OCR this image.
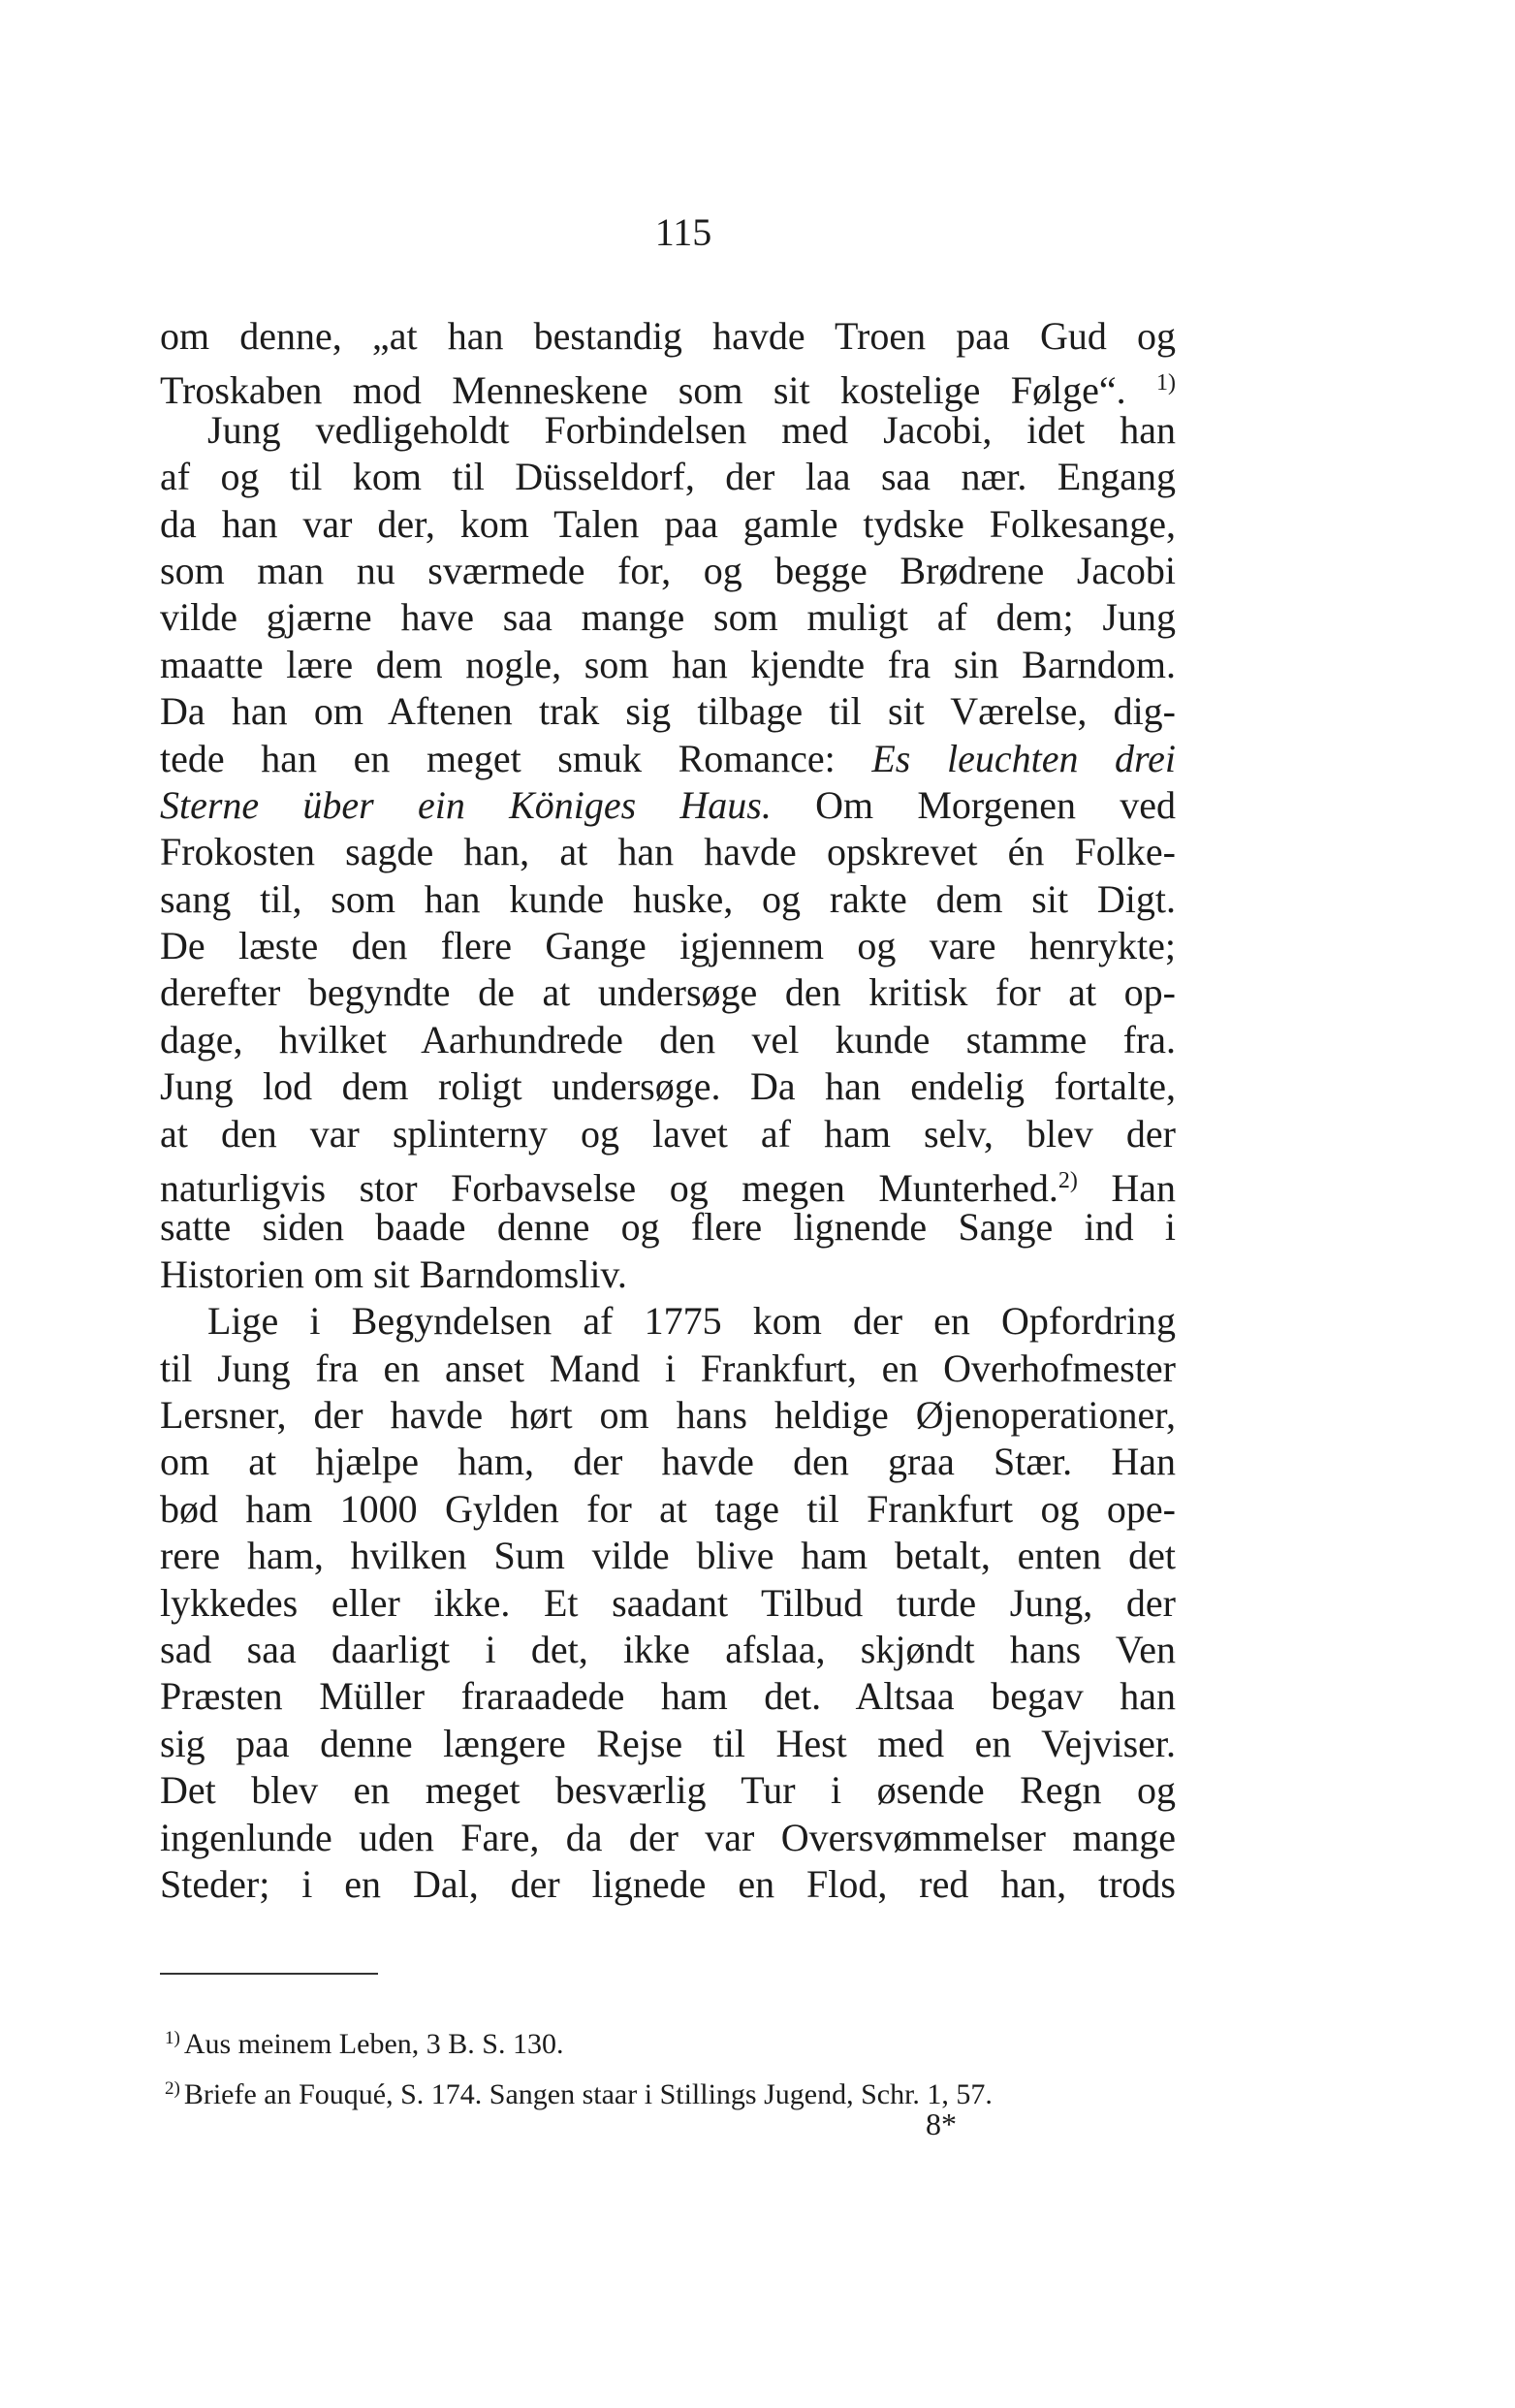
115
om denne, „at han bestandig havde Troen paa Gud og
Troskaben mod Menneskene som sit kostelige Følge“. $^{1)}$
Jung vedligeholdt Forbindelsen med Jacobi, idet han
af og til kom til Düsseldorf, der laa saa nær. Engang
da han var der, kom Talen paa gamle tydske Folkesange,
som man nu sværmede for, og begge Brødrene Jacobi
vilde gjærne have saa mange som muligt af dem; Jung
maatte lære dem nogle, som han kjendte fra sin Barndom.
Da han om Aftenen trak sig tilbage til sit Værelse, dig-
tede han en meget smuk Romance: Es leuchten drei
Sterne über ein Königes Haus. Om Morgenen ved
Frokosten sagde han, at han havde opskrevet én Folke-
sang til, som han kunde huske, og rakte dem sit Digt.
De læste den flere Gange igjennem og vare henrykte;
derefter begyndte de at undersøge den kritisk for at op-
dage, hvilket Aarhundrede den vel kunde stamme fra.
Jung lod dem roligt undersøge. Da han endelig fortalte,
at den var splinterny og lavet af ham selv, blev der
naturligvis stor Forbavselse og megen Munterhed.$^{2)}$ Han
satte siden baade denne og flere lignende Sange ind i
Historien om sit Barndomsliv.
Lige i Begyndelsen af 1775 kom der en Opfordring
til Jung fra en anset Mand i Frankfurt, en Overhofmester
Lersner, der havde hørt om hans heldige Øjenoperationer,
om at hjælpe ham, der havde den graa Stær. Han
bød ham 1000 Gylden for at tage til Frankfurt og ope-
rere ham, hvilken Sum vilde blive ham betalt, enten det
lykkedes eller ikke. Et saadant Tilbud turde Jung, der
sad saa daarligt i det, ikke afslaa, skjøndt hans Ven
Præsten Müller fraraadede ham det. Altsaa begav han
sig paa denne længere Rejse til Hest med en Vejviser.
Det blev en meget besværlig Tur i øsende Regn og
ingenlunde uden Fare, da der var Oversvømmelser mange
Steder; i en Dal, der lignede en Flod, red han, trods
$^{1)}$ Aus meinem Leben, 3 B. S. 130.
$^{2)}$ Briefe an Fouqué, S. 174. Sangen staar i Stillings Jugend, Schr. 1, 57.
8*
